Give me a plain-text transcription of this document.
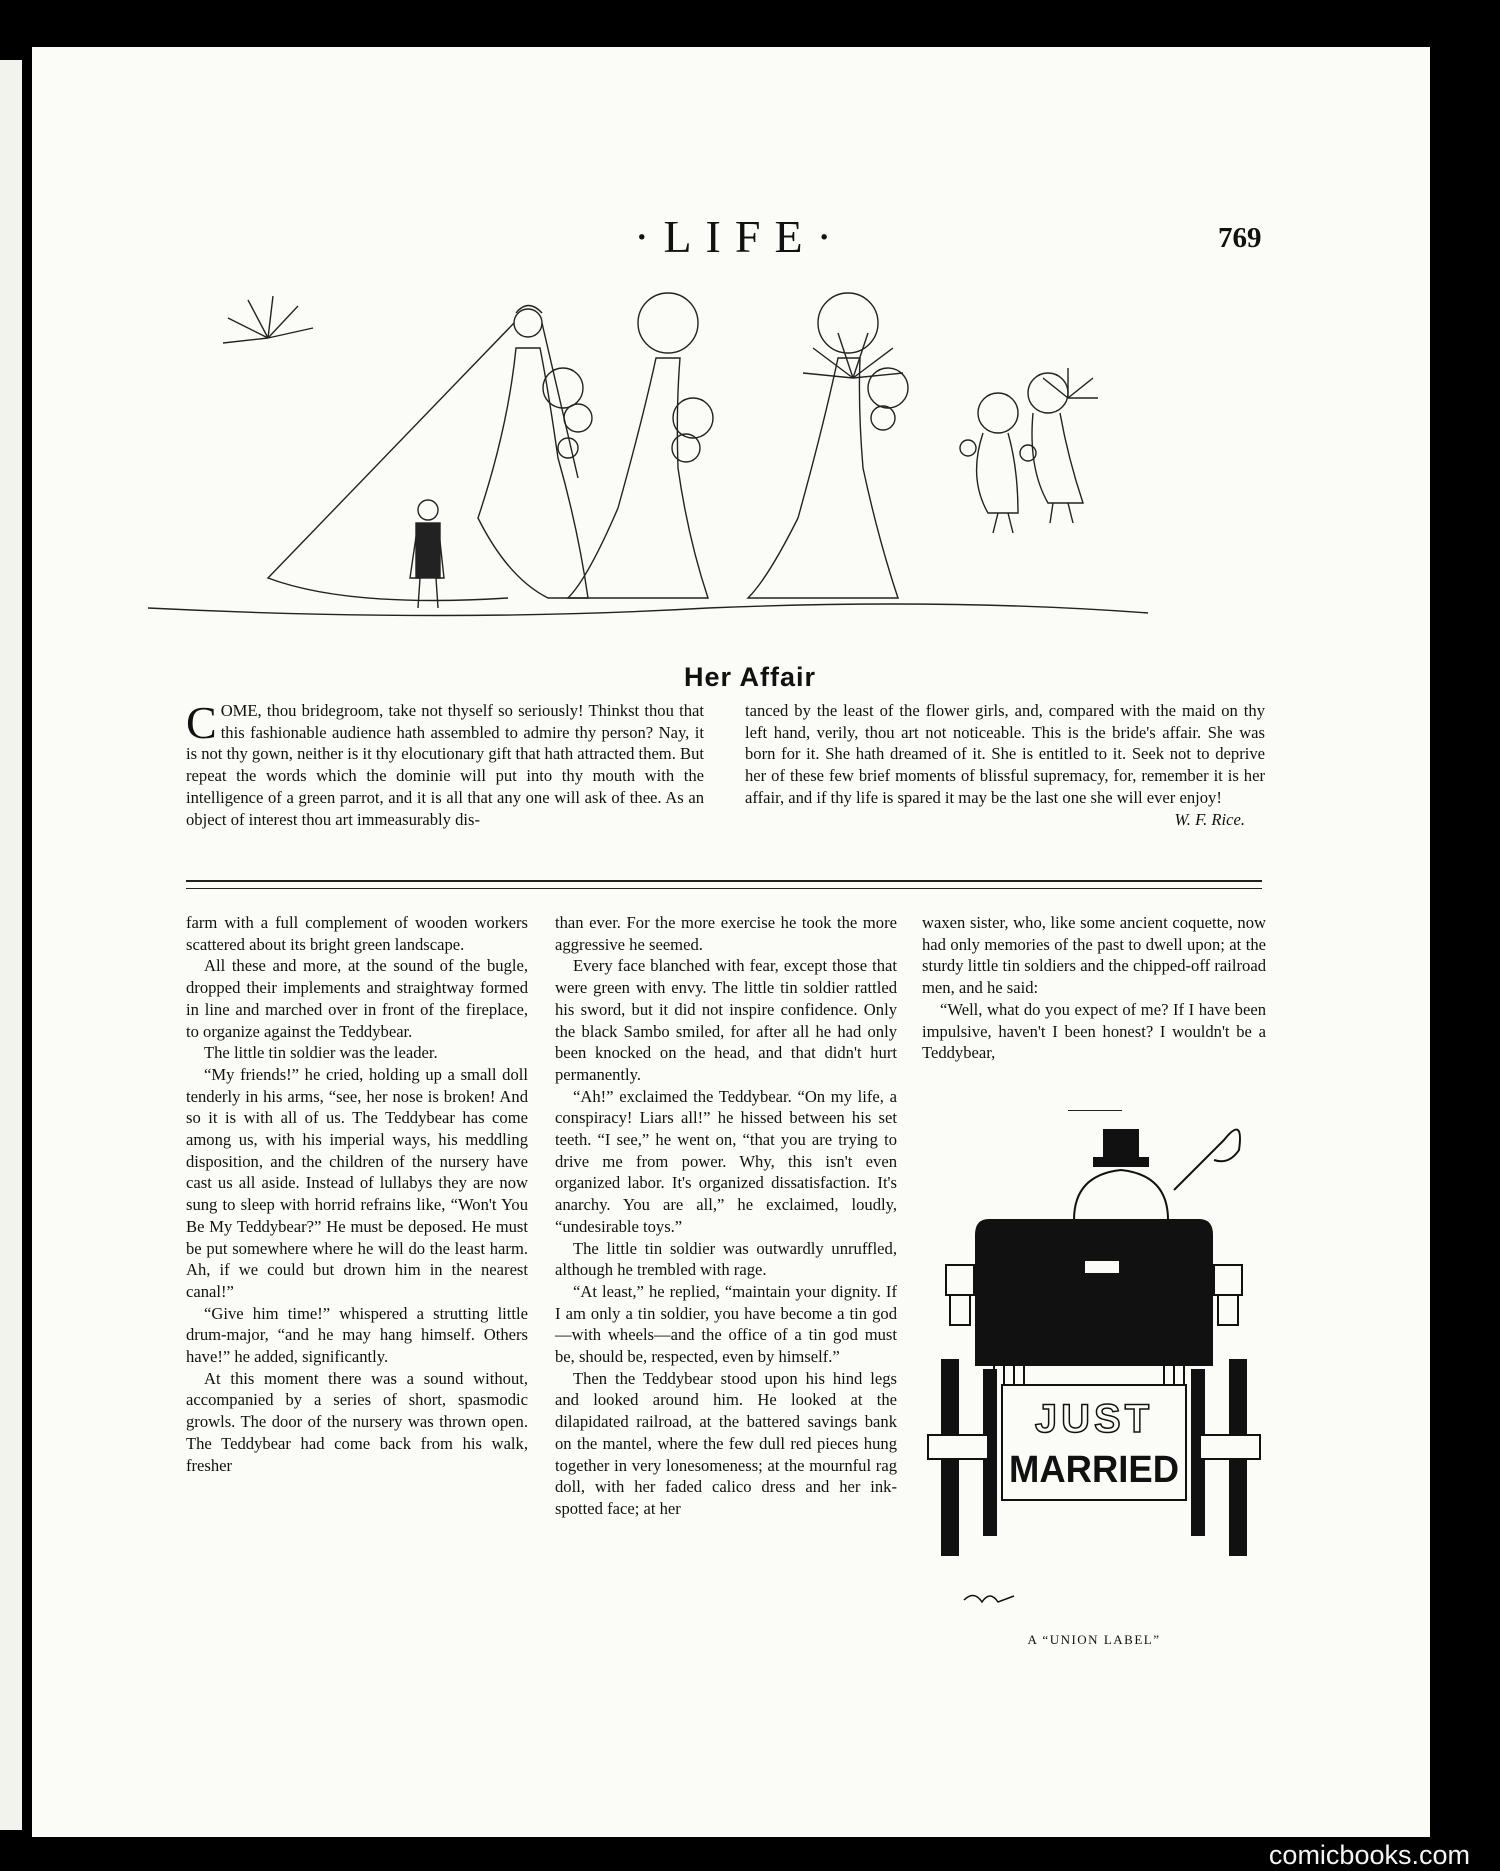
·LIFE·	769
Her Affair

COME, thou bridegroom, take not thyself so seriously! Thinkst thou that this fashionable audience hath assembled to admire thy person? Nay, it is not thy gown, neither is it thy elocutionary gift that hath attracted them. But repeat the words which the dominie will put into thy mouth with the intelligence of a green parrot, and it is all that any one will ask of thee. As an object of interest thou art immeasurably dis-

tanced by the least of the flower girls, and, compared with the maid on thy left hand, verily, thou art not noticeable. This is the bride's affair. She was born for it. She hath dreamed of it. She is entitled to it. Seek not to deprive her of these few brief moments of blissful supremacy, for, remember it is her affair, and if thy life is spared it may be the last one she will ever enjoy!
W. F. Rice.

farm with a full complement of wooden workers scattered about its bright green landscape.

All these and more, at the sound of the bugle, dropped their implements and straightway formed in line and marched over in front of the fireplace, to organize against the Teddybear.

The little tin soldier was the leader.

“My friends!” he cried, holding up a small doll tenderly in his arms, “see, her nose is broken! And so it is with all of us. The Teddybear has come among us, with his imperial ways, his meddling disposition, and the children of the nursery have cast us all aside. Instead of lullabys they are now sung to sleep with horrid refrains like, “Won't You Be My Teddybear?” He must be deposed. He must be put somewhere where he will do the least harm. Ah, if we could but drown him in the nearest canal!”

“Give him time!” whispered a strutting little drum-major, “and he may hang himself. Others have!” he added, significantly.

At this moment there was a sound without, accompanied by a series of short, spasmodic growls. The door of the nursery was thrown open. The Teddybear had come back from his walk, fresher

than ever. For the more exercise he took the more aggressive he seemed.

Every face blanched with fear, except those that were green with envy. The little tin soldier rattled his sword, but it did not inspire confidence. Only the black Sambo smiled, for after all he had only been knocked on the head, and that didn't hurt permanently.

“Ah!” exclaimed the Teddybear. “On my life, a conspiracy! Liars all!” he hissed between his set teeth. “I see,” he went on, “that you are trying to drive me from power. Why, this isn't even organized labor. It's organized dissatisfaction. It's anarchy. You are all,” he exclaimed, loudly, “undesirable toys.”

The little tin soldier was outwardly unruffled, although he trembled with rage.

“At least,” he replied, “maintain your dignity. If I am only a tin soldier, you have become a tin god—with wheels—and the office of a tin god must be, should be, respected, even by himself.”

Then the Teddybear stood upon his hind legs and looked around him. He looked at the dilapidated railroad, at the battered savings bank on the mantel, where the few dull red pieces hung together in very lonesomeness; at the mournful rag doll, with her faded calico dress and her ink-spotted face; at her

waxen sister, who, like some ancient coquette, now had only memories of the past to dwell upon; at the sturdy little tin soldiers and the chipped-off railroad men, and he said:

“Well, what do you expect of me? If I have been impulsive, haven't I been honest? I wouldn't be a Teddybear,

JUST
MARRIED
A “UNION LABEL”
comicbooks.com
